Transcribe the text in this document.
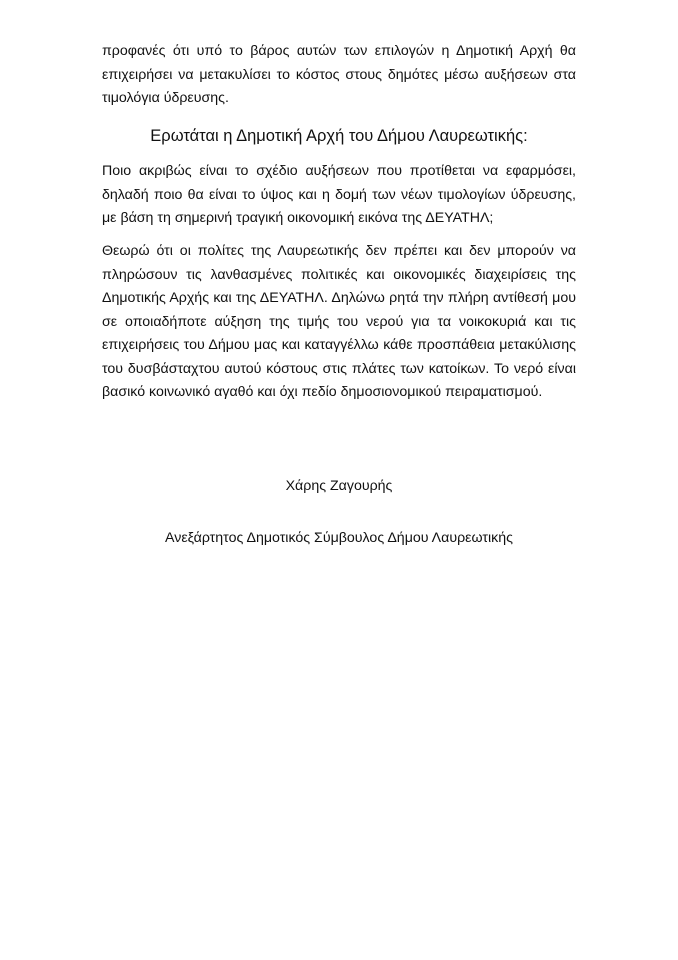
προφανές ότι υπό το βάρος αυτών των επιλογών η Δημοτική Αρχή θα επιχειρήσει να μετακυλίσει το κόστος στους δημότες μέσω αυξήσεων στα τιμολόγια ύδρευσης.

Ερωτάται η Δημοτική Αρχή του Δήμου Λαυρεωτικής:

Ποιο ακριβώς είναι το σχέδιο αυξήσεων που προτίθεται να εφαρμόσει, δηλαδή ποιο θα είναι το ύψος και η δομή των νέων τιμολογίων ύδρευσης, με βάση τη σημερινή τραγική οικονομική εικόνα της ΔΕΥΑΤΗΛ;

Θεωρώ ότι οι πολίτες της Λαυρεωτικής δεν πρέπει και δεν μπορούν να πληρώσουν τις λανθασμένες πολιτικές και οικονομικές διαχειρίσεις της Δημοτικής Αρχής και της ΔΕΥΑΤΗΛ. Δηλώνω ρητά την πλήρη αντίθεσή μου σε οποιαδήποτε αύξηση της τιμής του νερού για τα νοικοκυριά και τις επιχειρήσεις του Δήμου μας και καταγγέλλω κάθε προσπάθεια μετακύλισης του δυσβάσταχτου αυτού κόστους στις πλάτες των κατοίκων. Το νερό είναι βασικό κοινωνικό αγαθό και όχι πεδίο δημοσιονομικού πειραματισμού.

Χάρης Ζαγουρής

Ανεξάρτητος Δημοτικός Σύμβουλος Δήμου Λαυρεωτικής
